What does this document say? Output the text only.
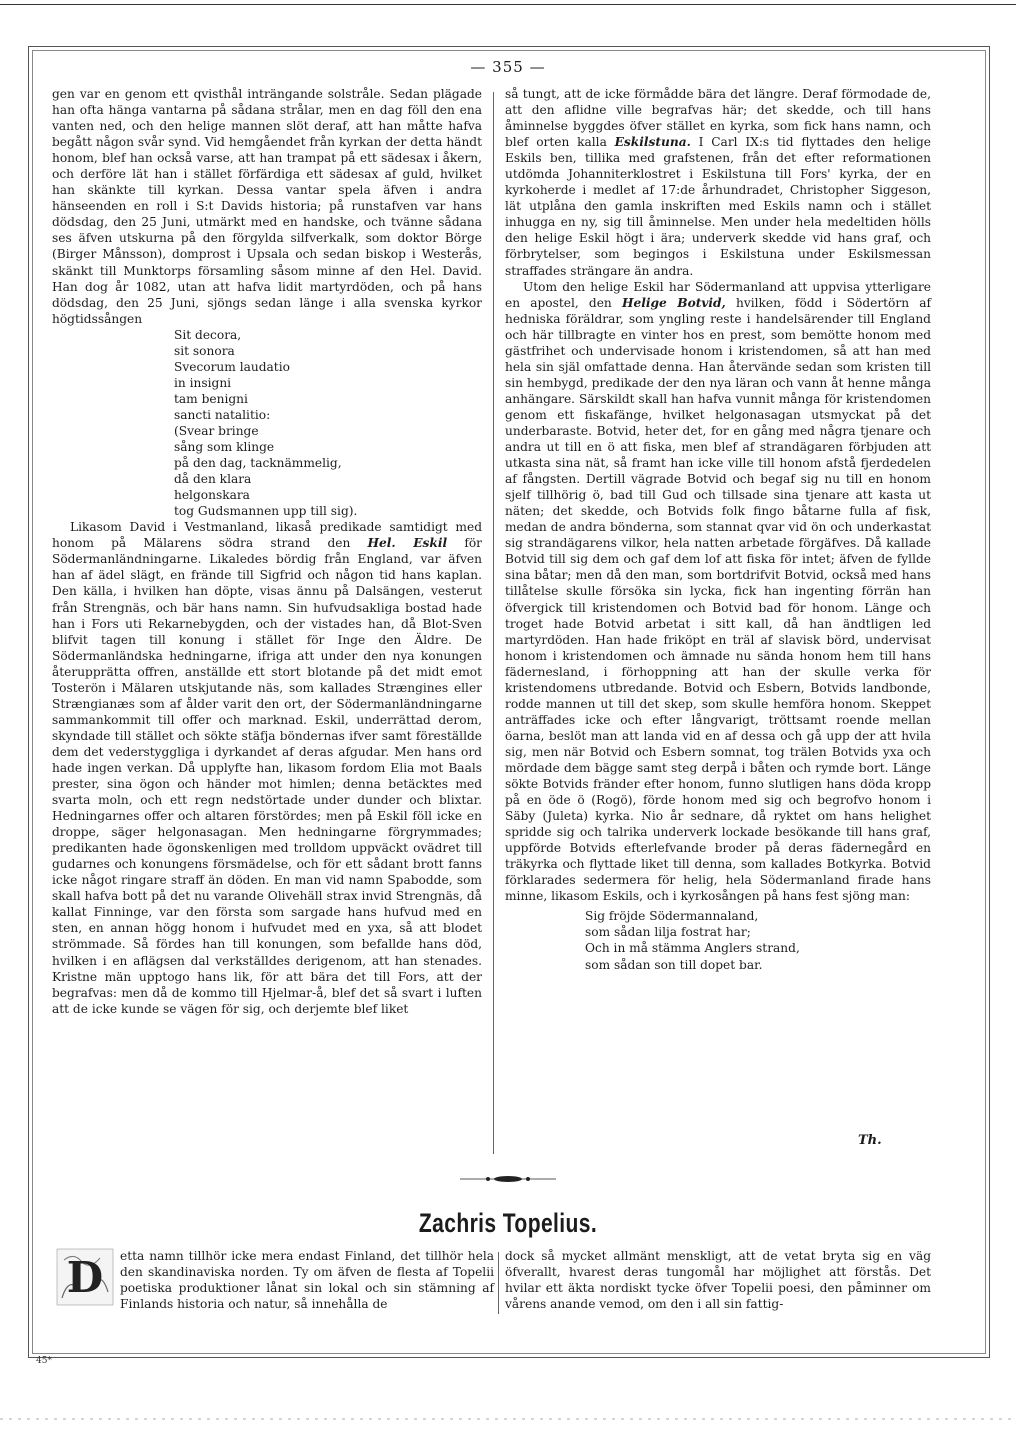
— 355 —

gen var en genom ett qvisthål inträngande solstråle. Sedan plägade han ofta hänga vantarna på sådana strålar, men en dag föll den ena vanten ned, och den helige mannen slöt deraf, att han måtte hafva begått någon svår synd. Vid hemgåendet från kyrkan der detta händt honom, blef han också varse, att han trampat på ett sädesax i åkern, och derföre lät han i stället förfärdiga ett sädesax af guld, hvilket han skänkte till kyrkan. Dessa vantar spela äfven i andra hänseenden en roll i S:t Davids historia; på runstafven var hans dödsdag, den 25 Juni, utmärkt med en handske, och tvänne sådana ses äfven utskurna på den förgylda silfverkalk, som doktor Börge (Birger Månsson), domprost i Upsala och sedan biskop i Westerås, skänkt till Munktorps församling såsom minne af den Hel. David. Han dog år 1082, utan att hafva lidit martyrdöden, och på hans dödsdag, den 25 Juni, sjöngs sedan länge i alla svenska kyrkor högtidssången

Sit decora,
sit sonora
Svecorum laudatio
in insigni
tam benigni
sancti natalitio:
(Svear bringe
sång som klinge
på den dag, tacknämmelig,
då den klara
helgonskara
tog Gudsmannen upp till sig).

Likasom David i Vestmanland, likaså predikade samtidigt med honom på Mälarens södra strand den Hel. Eskil för Södermanländningarne. Likaledes bördig från England, var äfven han af ädel slägt, en frände till Sigfrid och någon tid hans kaplan. Den källa, i hvilken han döpte, visas ännu på Dalsängen, vesterut från Strengnäs, och bär hans namn. Sin hufvudsakliga bostad hade han i Fors uti Rekarnebygden, och der vistades han, då Blot-Sven blifvit tagen till konung i stället för Inge den Äldre. De Södermanländska hedningarne, ifriga att under den nya konungen återupprätta offren, anställde ett stort blotande på det midt emot Tosterön i Mälaren utskjutande näs, som kallades Strængines eller Strængianæs som af ålder varit den ort, der Södermanländningarne sammankommit till offer och marknad. Eskil, underrättad derom, skyndade till stället och sökte stäfja böndernas ifver samt föreställde dem det vederstyggliga i dyrkandet af deras afgudar. Men hans ord hade ingen verkan. Då upplyfte han, likasom fordom Elia mot Baals prester, sina ögon och händer mot himlen; denna betäcktes med svarta moln, och ett regn nedstörtade under dunder och blixtar. Hedningarnes offer och altaren förstördes; men på Eskil föll icke en droppe, säger helgonasagan. Men hedningarne förgrymmades; predikanten hade ögonskenligen med trolldom uppväckt ovädret till gudarnes och konungens försmädelse, och för ett sådant brott fanns icke något ringare straff än döden. En man vid namn Spabodde, som skall hafva bott på det nu varande Olivehäll strax invid Strengnäs, då kallat Finninge, var den första som sargade hans hufvud med en sten, en annan högg honom i hufvudet med en yxa, så att blodet strömmade. Så fördes han till konungen, som befallde hans död, hvilken i en aflägsen dal verkställdes derigenom, att han stenades. Kristne män upptogo hans lik, för att bära det till Fors, att der begrafvas: men då de kommo till Hjelmar-å, blef det så svart i luften att de icke kunde se vägen för sig, och derjemte blef liket

så tungt, att de icke förmådde bära det längre. Deraf förmodade de, att den aflidne ville begrafvas här; det skedde, och till hans åminnelse byggdes öfver stället en kyrka, som fick hans namn, och blef orten kalla Eskilstuna. I Carl IX:s tid flyttades den helige Eskils ben, tillika med grafstenen, från det efter reformationen utdömda Johanniterklostret i Eskilstuna till Fors' kyrka, der en kyrkoherde i medlet af 17:de århundradet, Christopher Siggeson, lät utplåna den gamla inskriften med Eskils namn och i stället inhugga en ny, sig till åminnelse. Men under hela medeltiden hölls den helige Eskil högt i ära; underverk skedde vid hans graf, och förbrytelser, som begingos i Eskilstuna under Eskilsmessan straffades strängare än andra.

Utom den helige Eskil har Södermanland att uppvisa ytterligare en apostel, den Helige Botvid, hvilken, född i Södertörn af hedniska föräldrar, som yngling reste i handelsärender till England och här tillbragte en vinter hos en prest, som bemötte honom med gästfrihet och undervisade honom i kristendomen, så att han med hela sin själ omfattade denna. Han återvände sedan som kristen till sin hembygd, predikade der den nya läran och vann åt henne många anhängare. Särskildt skall han hafva vunnit många för kristendomen genom ett fiskafänge, hvilket helgonasagan utsmyckat på det underbaraste. Botvid, heter det, for en gång med några tjenare och andra ut till en ö att fiska, men blef af strandägaren förbjuden att utkasta sina nät, så framt han icke ville till honom afstå fjerdedelen af fångsten. Dertill vägrade Botvid och begaf sig nu till en honom sjelf tillhörig ö, bad till Gud och tillsade sina tjenare att kasta ut näten; det skedde, och Botvids folk fingo båtarne fulla af fisk, medan de andra bönderna, som stannat qvar vid ön och underkastat sig strandägarens vilkor, hela natten arbetade förgäfves. Då kallade Botvid till sig dem och gaf dem lof att fiska för intet; äfven de fyllde sina båtar; men då den man, som bortdrifvit Botvid, också med hans tillåtelse skulle försöka sin lycka, fick han ingenting förrän han öfvergick till kristendomen och Botvid bad för honom. Länge och troget hade Botvid arbetat i sitt kall, då han ändtligen led martyrdöden. Han hade friköpt en träl af slavisk börd, undervisat honom i kristendomen och ämnade nu sända honom hem till hans fädernesland, i förhoppning att han der skulle verka för kristendomens utbredande. Botvid och Esbern, Botvids landbonde, rodde mannen ut till det skep, som skulle hemföra honom. Skeppet anträffades icke och efter långvarigt, tröttsamt roende mellan öarna, beslöt man att landa vid en af dessa och gå upp der att hvila sig, men när Botvid och Esbern somnat, tog trälen Botvids yxa och mördade dem bägge samt steg derpå i båten och rymde bort. Länge sökte Botvids fränder efter honom, funno slutligen hans döda kropp på en öde ö (Rogö), förde honom med sig och begrofvo honom i Säby (Juleta) kyrka. Nio år sednare, då ryktet om hans helighet spridde sig och talrika underverk lockade besökande till hans graf, uppförde Botvids efterlefvande broder på deras fädernegård en träkyrka och flyttade liket till denna, som kallades Botkyrka. Botvid förklarades sedermera för helig, hela Södermanland firade hans minne, likasom Eskils, och i kyrkosången på hans fest sjöng man:

Sig fröjde Södermannaland,
som sådan lilja fostrat har;
Och in må stämma Anglers strand,
som sådan son till dopet bar.
Th.
Zachris Topelius.
D	etta namn tillhör icke mera endast Finland, det tillhör hela den skandinaviska norden. Ty om äfven de flesta af Topelii poetiska produktioner lånat sin lokal och sin stämning af Finlands historia och natur, så innehålla de

dock så mycket allmänt menskligt, att de vetat bryta sig en väg öfverallt, hvarest deras tungomål har möjlighet att förstås. Det hvilar ett äkta nordiskt tycke öfver Topelii poesi, den påminner om vårens anande vemod, om den i all sin fattig-

45*
